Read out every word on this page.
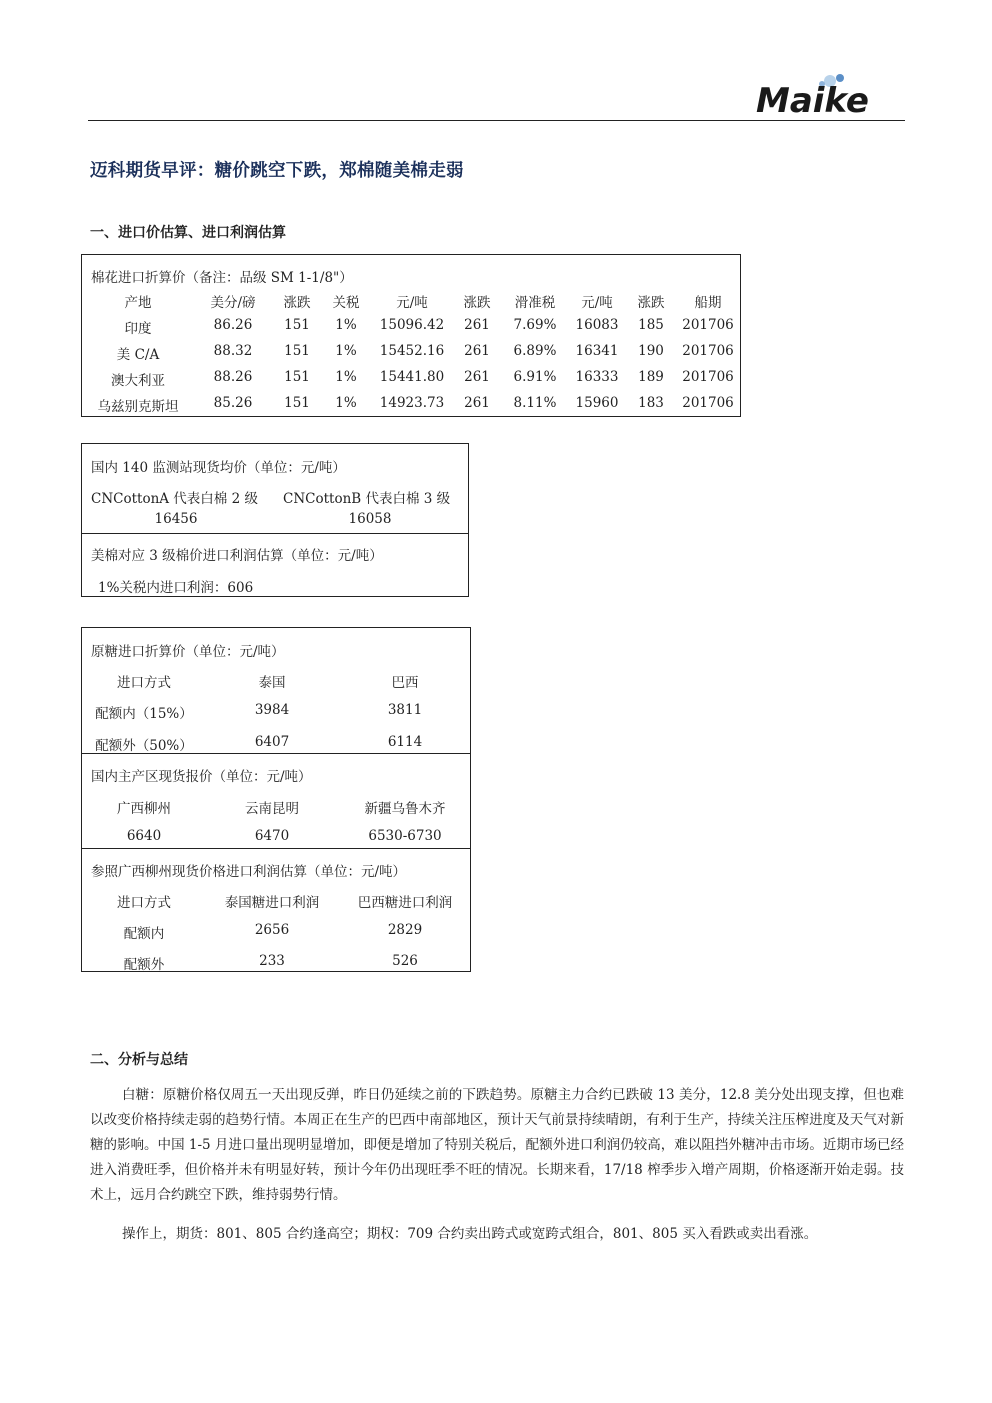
Maike
迈科期货早评：糖价跳空下跌，郑棉随美棉走弱
一、进口价估算、进口利润估算
棉花进口折算价（备注：品级 SM 1-1/8"）
产地	美分/磅 涨跌 关税	元/吨	涨跌 滑准税 元/吨 涨跌 船期
印度	86.26 151 1% 15096.42 261 7.69% 16083 185 201706
美 C/A	88.32 151 1% 15452.16 261 6.89% 16341 190 201706
澳大利亚	88.26 151 1% 15441.80 261 6.91% 16333 189 201706
乌兹别克斯坦	85.26 151 1% 14923.73 261 8.11% 15960 183 201706
国内 140 监测站现货均价（单位：元/吨）
CNCottonA 代表白棉 2 级 CNCottonB 代表白棉 3 级
16456	16058
美棉对应 3 级棉价进口利润估算（单位：元/吨）
1%关税内进口利润：606
原糖进口折算价（单位：元/吨）
进口方式	泰国	巴西
配额内（15%）	3984	3811
配额外（50%）	6407	6114
国内主产区现货报价（单位：元/吨）
广西柳州	云南昆明	新疆乌鲁木齐
6640	6470	6530-6730
参照广西柳州现货价格进口利润估算（单位：元/吨）
进口方式	泰国糖进口利润	巴西糖进口利润
配额内	2656	2829
配额外	233	526
二、分析与总结

白糖：原糖价格仅周五一天出现反弹，昨日仍延续之前的下跌趋势。原糖主力合约已跌破 13 美分，12.8 美分处出现支撑，但也难以改变价格持续走弱的趋势行情。本周正在生产的巴西中南部地区，预计天气前景持续晴朗，有利于生产，持续关注压榨进度及天气对新糖的影响。中国 1-5 月进口量出现明显增加，即便是增加了特别关税后，配额外进口利润仍较高，难以阻挡外糖冲击市场。近期市场已经进入消费旺季，但价格并未有明显好转，预计今年仍出现旺季不旺的情况。长期来看，17/18 榨季步入增产周期，价格逐渐开始走弱。技术上，远月合约跳空下跌，维持弱势行情。

操作上，期货：801、805 合约逢高空；期权：709 合约卖出跨式或宽跨式组合，801、805 买入看跌或卖出看涨。
